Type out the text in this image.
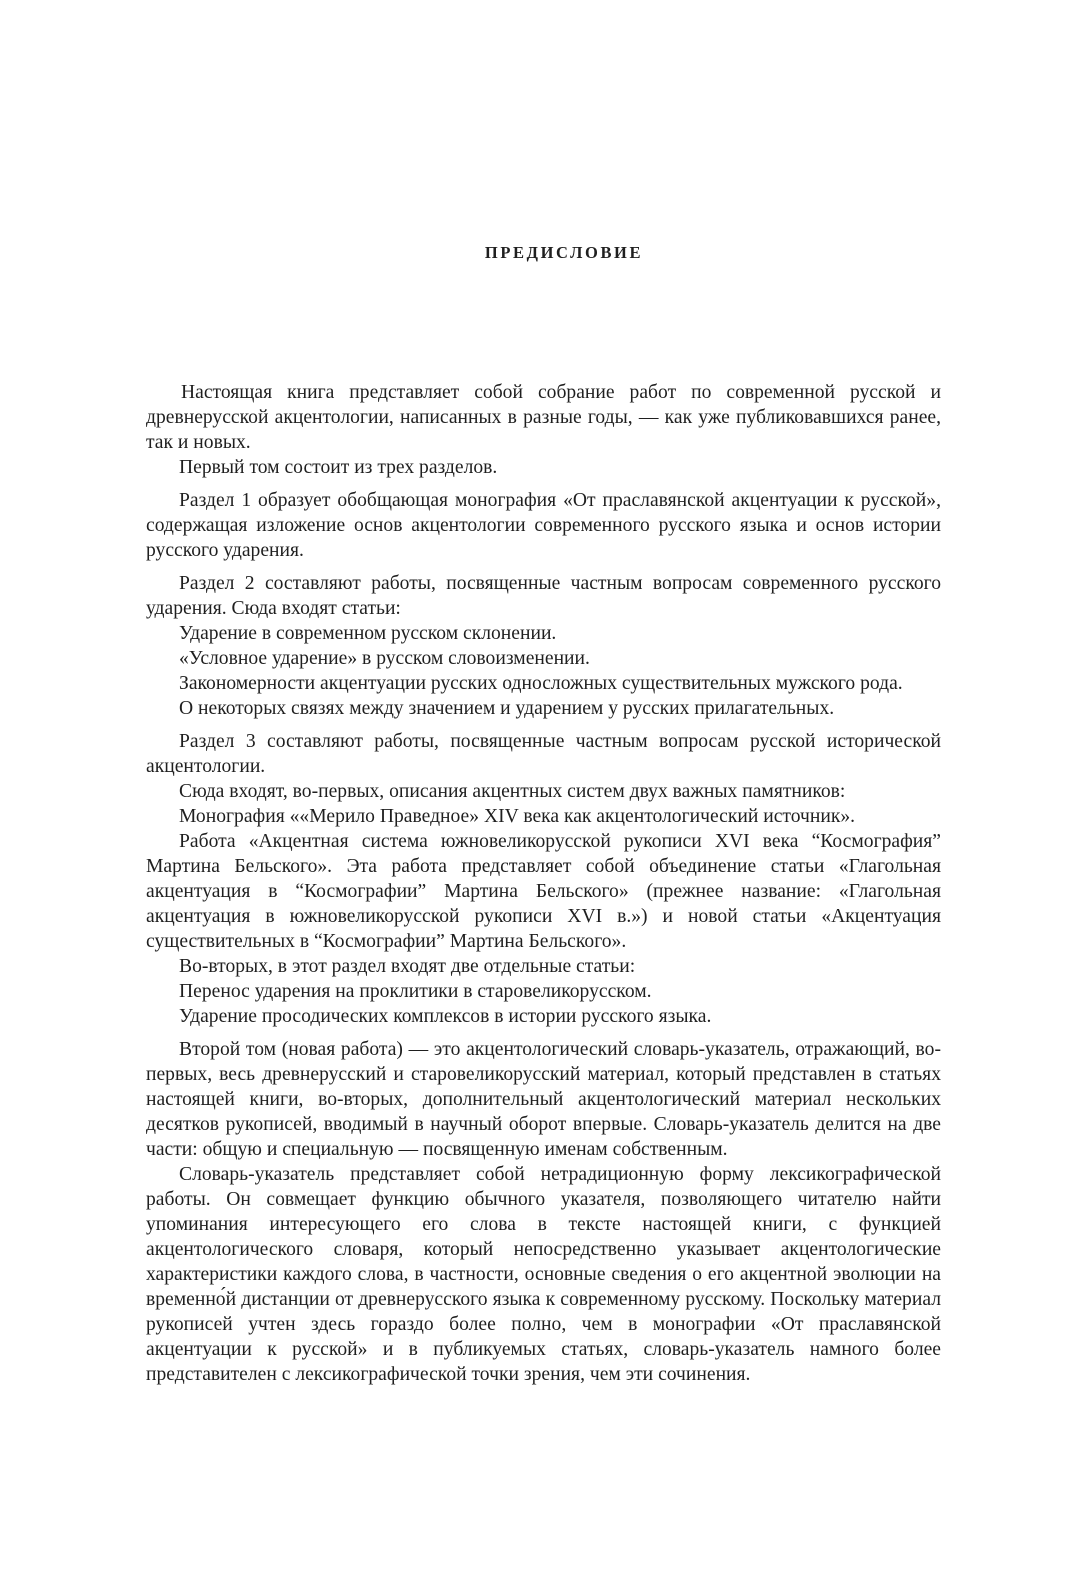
ПРЕДИСЛОВИЕ

Настоящая книга представляет собой собрание работ по современной русской и древнерусской акцентологии, написанных в разные годы, — как уже публиковавшихся ранее, так и новых.

Первый том состоит из трех разделов.

Раздел 1 образует обобщающая монография «От праславянской акцентуации к русской», содержащая изложение основ акцентологии современного русского языка и основ истории русского ударения.

Раздел 2 составляют работы, посвященные частным вопросам современного русского ударения. Сюда входят статьи:

Ударение в современном русском склонении.

«Условное ударение» в русском словоизменении.

Закономерности акцентуации русских односложных существительных мужского рода.

О некоторых связях между значением и ударением у русских прилагательных.

Раздел 3 составляют работы, посвященные частным вопросам русской исторической акцентологии.

Сюда входят, во-первых, описания акцентных систем двух важных памятников:

Монография ««Мерило Праведное» XIV века как акцентологический источник».

Работа «Акцентная система южновеликорусской рукописи XVI века “Космография” Мартина Бельского». Эта работа представляет собой объединение статьи «Глагольная акцентуация в “Космографии” Мартина Бельского» (прежнее название: «Глагольная акцентуация в южновеликорусской рукописи XVI в.») и новой статьи «Акцентуация существительных в “Космографии” Мартина Бельского».

Во-вторых, в этот раздел входят две отдельные статьи:

Перенос ударения на проклитики в старовеликорусском.

Ударение просодических комплексов в истории русского языка.

Второй том (новая работа) — это акцентологический словарь-указатель, отражающий, во-первых, весь древнерусский и старовеликорусский материал, который представлен в статьях настоящей книги, во-вторых, дополнительный акцентологический материал нескольких десятков рукописей, вводимый в научный оборот впервые. Словарь-указатель делится на две части: общую и специальную — посвященную именам собственным.

Словарь-указатель представляет собой нетрадиционную форму лексикографической работы. Он совмещает функцию обычного указателя, позволяющего читателю найти упоминания интересующего его слова в тексте настоящей книги, с функцией акцентологического словаря, который непосредственно указывает акцентологические характеристики каждого слова, в частности, основные сведения о его акцентной эволюции на временно́й дистанции от древнерусского языка к современному русскому. Поскольку материал рукописей учтен здесь гораздо более полно, чем в монографии «От праславянской акцентуации к русской» и в публикуемых статьях, словарь-указатель намного более представителен с лексикографической точки зрения, чем эти сочинения.
